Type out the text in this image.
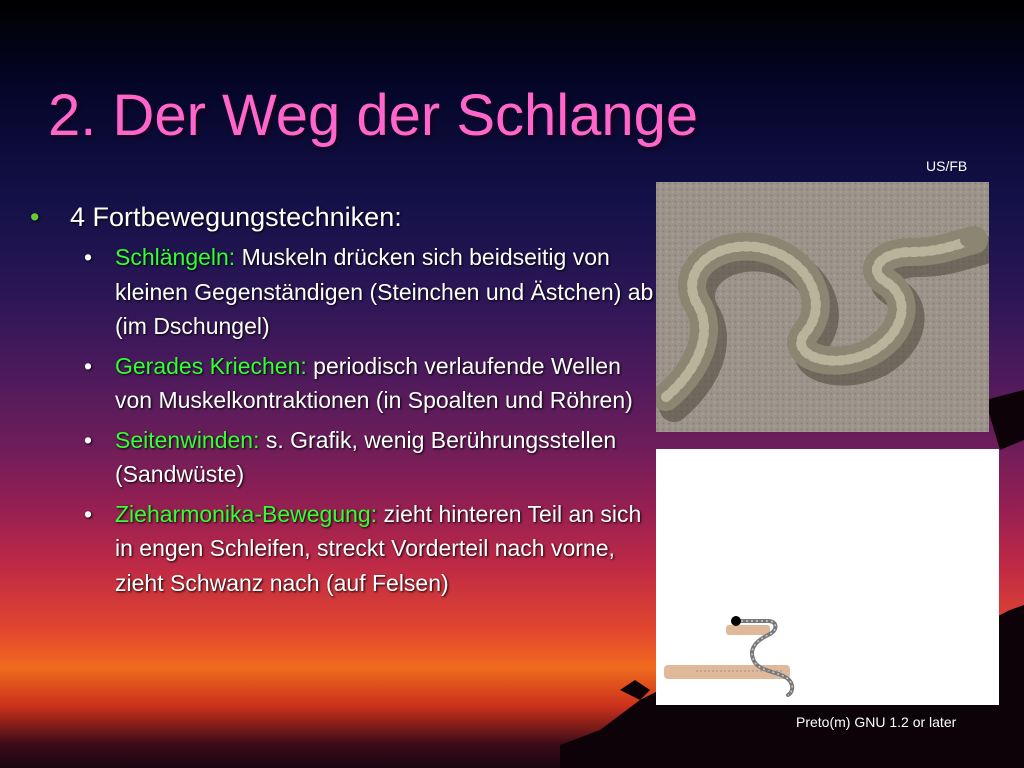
2. Der Weg der Schlange
US/FB
• 4 Fortbewegungstechniken:
• Schlängeln: Muskeln drücken sich beidseitig von kleinen Gegenständigen (Steinchen und Ästchen) ab (im Dschungel)
• Gerades Kriechen: periodisch verlaufende Wellen von Muskelkontraktionen (in Spoalten und Röhren)
• Seitenwinden: s. Grafik, wenig Berührungsstellen (Sandwüste)
• Zieharmonika-Bewegung: zieht hinteren Teil an sich in engen Schleifen, streckt Vorderteil nach vorne, zieht Schwanz nach (auf Felsen)
Preto(m) GNU 1.2 or later
